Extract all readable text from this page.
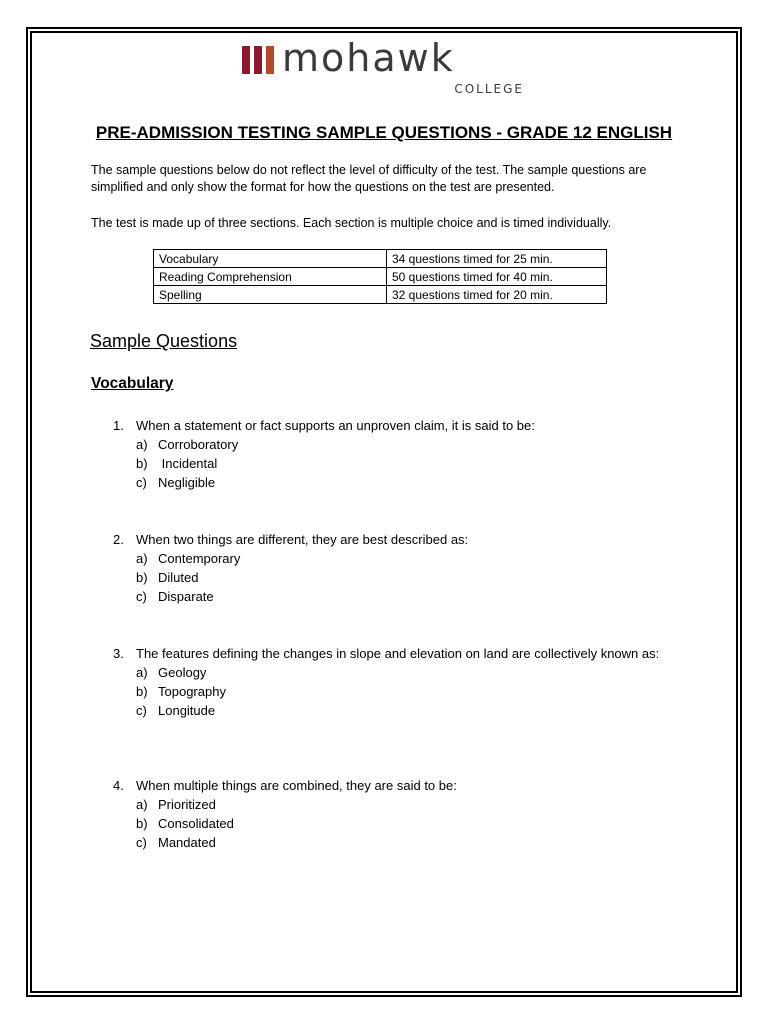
mohawk
COLLEGE
PRE-ADMISSION TESTING SAMPLE QUESTIONS - GRADE 12 ENGLISH
The sample questions below do not reflect the level of difficulty of the test. The sample questions are simplified and only show the format for how the questions on the test are presented.
The test is made up of three sections. Each section is multiple choice and is timed individually.
Vocabulary	34 questions timed for 25 min.
Reading Comprehension	50 questions timed for 40 min.
Spelling	32 questions timed for 20 min.
Sample Questions
Vocabulary
1. When a statement or fact supports an unproven claim, it is said to be:
a) Corroboratory
b) Incidental
c) Negligible
2. When two things are different, they are best described as:
a) Contemporary
b) Diluted
c) Disparate
3. The features defining the changes in slope and elevation on land are collectively known as:
a) Geology
b) Topography
c) Longitude
4. When multiple things are combined, they are said to be:
a) Prioritized
b) Consolidated
c) Mandated
